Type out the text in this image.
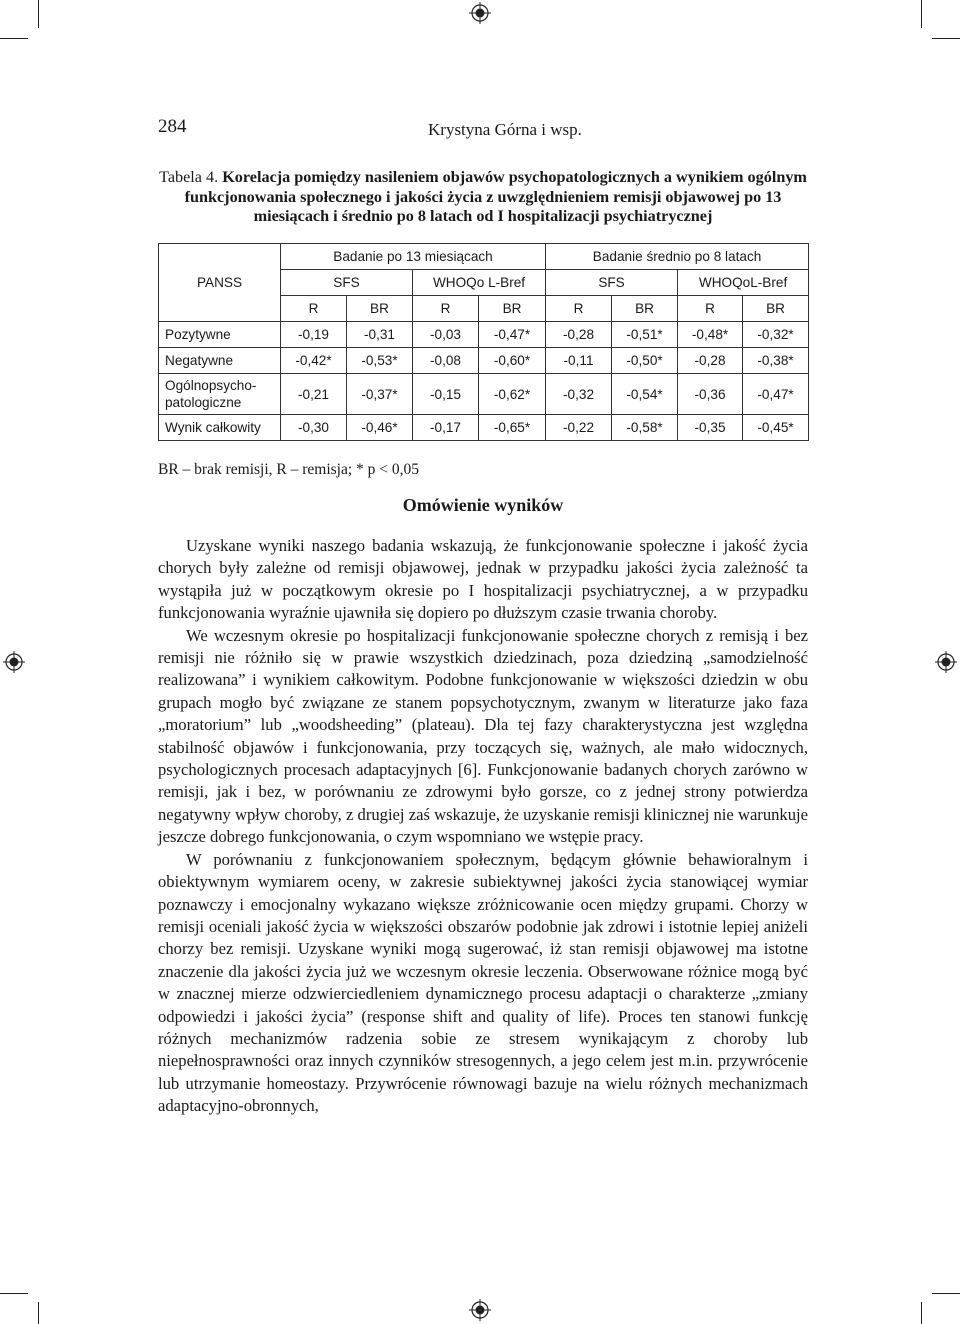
284	Krystyna Górna i wsp.
Tabela 4. Korelacja pomiędzy nasileniem objawów psychopatologicznych a wynikiem ogólnym funkcjonowania społecznego i jakości życia z uwzględnieniem remisji objawowej po 13 miesiącach i średnio po 8 latach od I hospitalizacji psychiatrycznej
PANSS	Badanie po 13 miesiącach				Badanie średnio po 8 latach			
	SFS		WHOQo L-Bref		SFS		WHOQoL-Bref	
	R	BR	R	BR	R	BR	R	BR
Pozytywne	-0,19	-0,31	-0,03	-0,47*	-0,28	-0,51*	-0,48*	-0,32*
Negatywne	-0,42*	-0,53*	-0,08	-0,60*	-0,11	-0,50*	-0,28	-0,38*

Ogólnopsycho-
patologiczne	-0,21	-0,37*	-0,15	-0,62*	-0,32	-0,54*	-0,36	-0,47*
Wynik całkowity	-0,30	-0,46*	-0,17	-0,65*	-0,22	-0,58*	-0,35	-0,45*
BR – brak remisji, R – remisja; * p < 0,05
Omówienie wyników

Uzyskane wyniki naszego badania wskazują, że funkcjonowanie społeczne i jakość życia chorych były zależne od remisji objawowej, jednak w przypadku jakości życia zależność ta wystąpiła już w początkowym okresie po I hospitalizacji psychiatrycznej, a w przypadku funkcjonowania wyraźnie ujawniła się dopiero po dłuższym czasie trwania choroby.

We wczesnym okresie po hospitalizacji funkcjonowanie społeczne chorych z remisją i bez remisji nie różniło się w prawie wszystkich dziedzinach, poza dziedziną „samodzielność realizowana” i wynikiem całkowitym. Podobne funkcjonowanie w większości dziedzin w obu grupach mogło być związane ze stanem popsychotycznym, zwanym w literaturze jako faza „moratorium” lub „woodsheeding” (plateau). Dla tej fazy charakterystyczna jest względna stabilność objawów i funkcjonowania, przy toczących się, ważnych, ale mało widocznych, psychologicznych procesach adaptacyjnych [6]. Funkcjonowanie badanych chorych zarówno w remisji, jak i bez, w porównaniu ze zdrowymi było gorsze, co z jednej strony potwierdza negatywny wpływ choroby, z drugiej zaś wskazuje, że uzyskanie remisji klinicznej nie warunkuje jeszcze dobrego funkcjonowania, o czym wspomniano we wstępie pracy.

W porównaniu z funkcjonowaniem społecznym, będącym głównie behawioralnym i obiektywnym wymiarem oceny, w zakresie subiektywnej jakości życia stanowiącej wymiar poznawczy i emocjonalny wykazano większe zróżnicowanie ocen między grupami. Chorzy w remisji oceniali jakość życia w większości obszarów podobnie jak zdrowi i istotnie lepiej aniżeli chorzy bez remisji. Uzyskane wyniki mogą sugerować, iż stan remisji objawowej ma istotne znaczenie dla jakości życia już we wczesnym okresie leczenia. Obserwowane różnice mogą być w znacznej mierze odzwierciedleniem dynamicznego procesu adaptacji o charakterze „zmiany odpowiedzi i jakości życia” (response shift and quality of life). Proces ten stanowi funkcję różnych mechanizmów radzenia sobie ze stresem wynikającym z choroby lub niepełnosprawności oraz innych czynników stresogennych, a jego celem jest m.in. przywrócenie lub utrzymanie homeostazy. Przywrócenie równowagi bazuje na wielu różnych mechanizmach adaptacyjno-obronnych,
